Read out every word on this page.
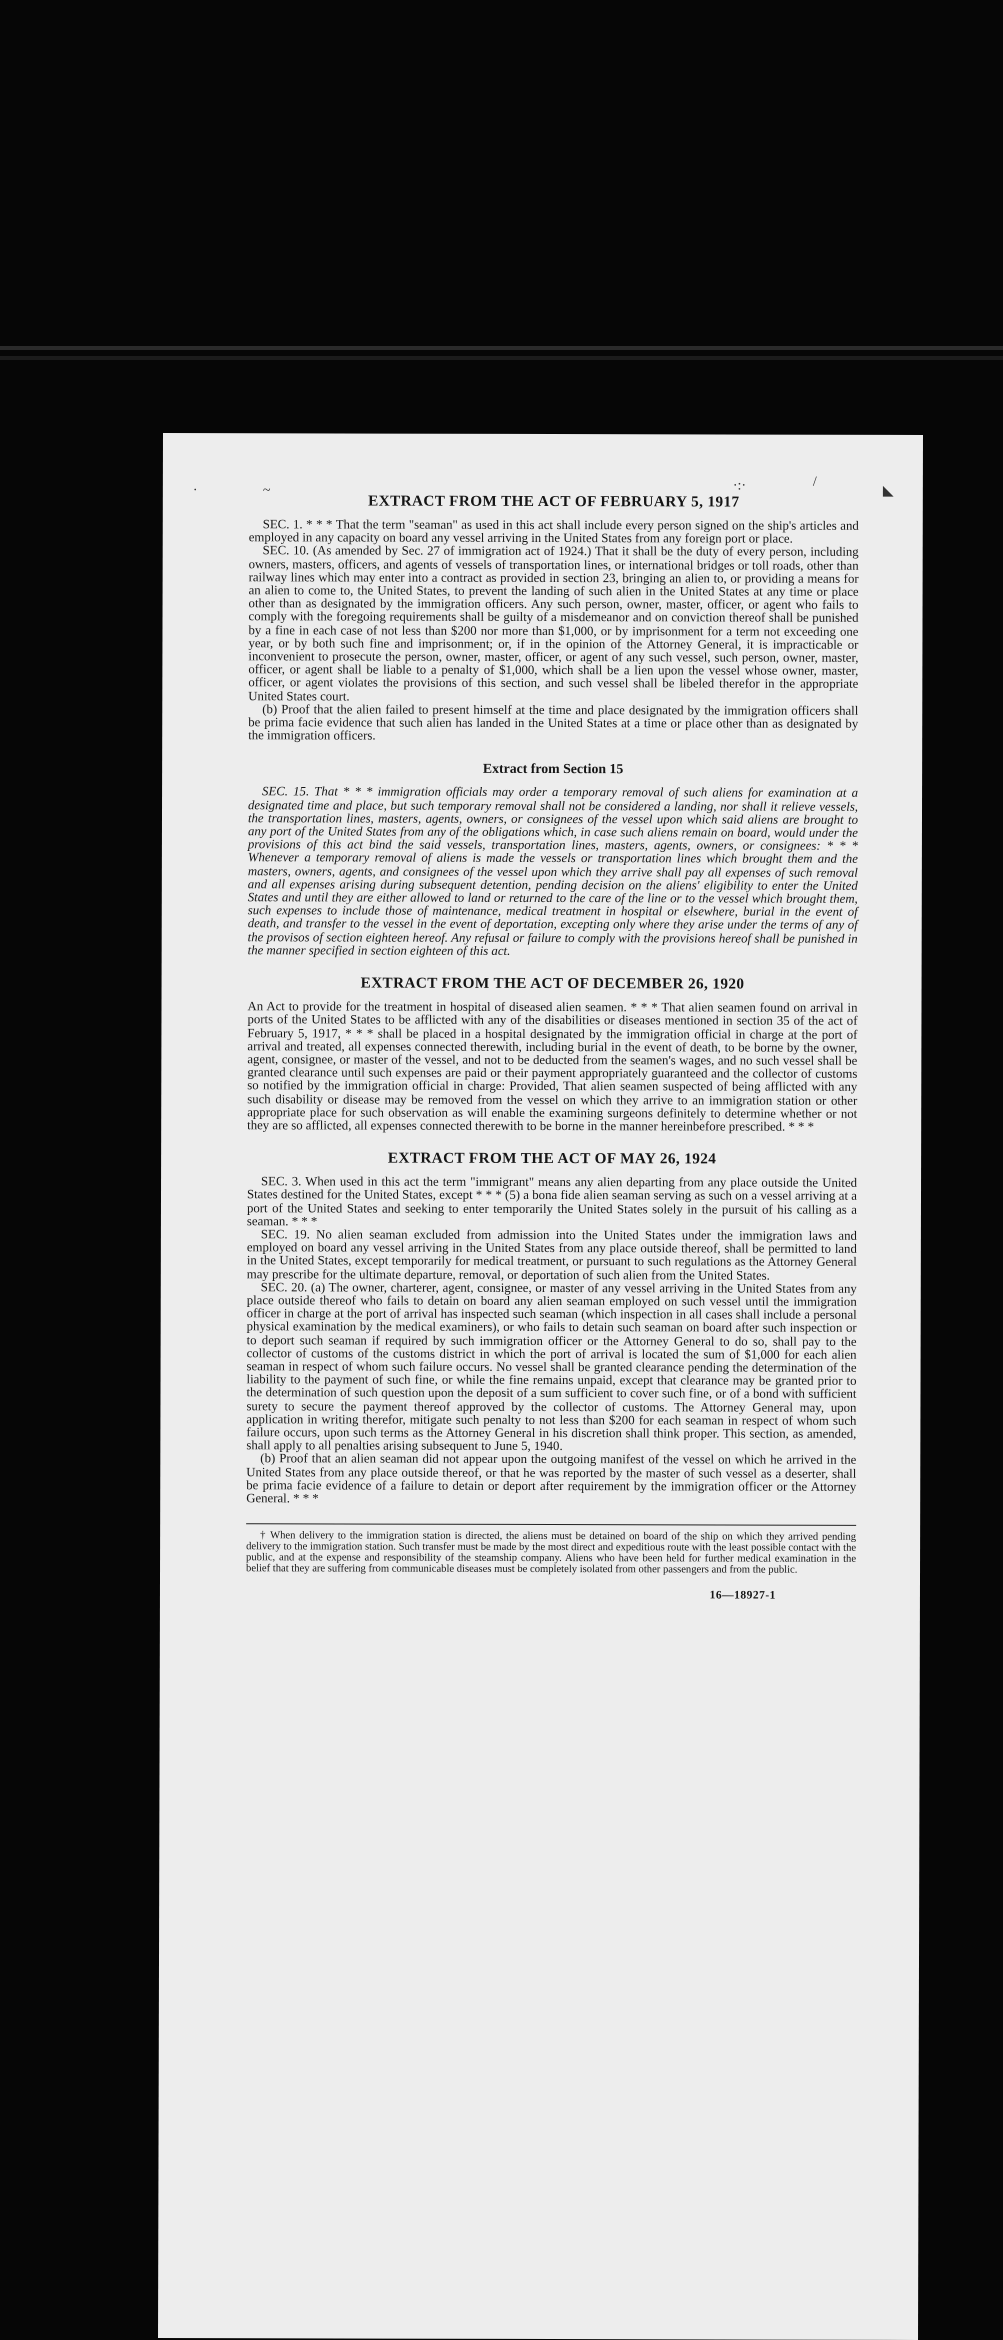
·	~	·:·	/
◣
EXTRACT FROM THE ACT OF FEBRUARY 5, 1917

SEC. 1. * * * That the term "seaman" as used in this act shall include every person signed on the ship's articles and employed in any capacity on board any vessel arriving in the United States from any foreign port or place.

SEC. 10. (As amended by Sec. 27 of immigration act of 1924.) That it shall be the duty of every person, including owners, masters, officers, and agents of vessels of transportation lines, or international bridges or toll roads, other than railway lines which may enter into a contract as provided in section 23, bringing an alien to, or providing a means for an alien to come to, the United States, to prevent the landing of such alien in the United States at any time or place other than as designated by the immigration officers. Any such person, owner, master, officer, or agent who fails to comply with the foregoing requirements shall be guilty of a misdemeanor and on conviction thereof shall be punished by a fine in each case of not less than $200 nor more than $1,000, or by imprisonment for a term not exceeding one year, or by both such fine and imprisonment; or, if in the opinion of the Attorney General, it is impracticable or inconvenient to prosecute the person, owner, master, officer, or agent of any such vessel, such person, owner, master, officer, or agent shall be liable to a penalty of $1,000, which shall be a lien upon the vessel whose owner, master, officer, or agent violates the provisions of this section, and such vessel shall be libeled therefor in the appropriate United States court.

(b) Proof that the alien failed to present himself at the time and place designated by the immigration officers shall be prima facie evidence that such alien has landed in the United States at a time or place other than as designated by the immigration officers.

Extract from Section 15

SEC. 15. That * * * immigration officials may order a temporary removal of such aliens for examination at a designated time and place, but such temporary removal shall not be considered a landing, nor shall it relieve vessels, the transportation lines, masters, agents, owners, or consignees of the vessel upon which said aliens are brought to any port of the United States from any of the obligations which, in case such aliens remain on board, would under the provisions of this act bind the said vessels, transportation lines, masters, agents, owners, or consignees: * * * Whenever a temporary removal of aliens is made the vessels or transportation lines which brought them and the masters, owners, agents, and consignees of the vessel upon which they arrive shall pay all expenses of such removal and all expenses arising during subsequent detention, pending decision on the aliens' eligibility to enter the United States and until they are either allowed to land or returned to the care of the line or to the vessel which brought them, such expenses to include those of maintenance, medical treatment in hospital or elsewhere, burial in the event of death, and transfer to the vessel in the event of deportation, excepting only where they arise under the terms of any of the provisos of section eighteen hereof. Any refusal or failure to comply with the provisions hereof shall be punished in the manner specified in section eighteen of this act.

EXTRACT FROM THE ACT OF DECEMBER 26, 1920

An Act to provide for the treatment in hospital of diseased alien seamen. * * * That alien seamen found on arrival in ports of the United States to be afflicted with any of the disabilities or diseases mentioned in section 35 of the act of February 5, 1917, * * * shall be placed in a hospital designated by the immigration official in charge at the port of arrival and treated, all expenses connected therewith, including burial in the event of death, to be borne by the owner, agent, consignee, or master of the vessel, and not to be deducted from the seamen's wages, and no such vessel shall be granted clearance until such expenses are paid or their payment appropriately guaranteed and the collector of customs so notified by the immigration official in charge: Provided, That alien seamen suspected of being afflicted with any such disability or disease may be removed from the vessel on which they arrive to an immigration station or other appropriate place for such observation as will enable the examining surgeons definitely to determine whether or not they are so afflicted, all expenses connected therewith to be borne in the manner hereinbefore prescribed. * * *

EXTRACT FROM THE ACT OF MAY 26, 1924

SEC. 3. When used in this act the term "immigrant" means any alien departing from any place outside the United States destined for the United States, except * * * (5) a bona fide alien seaman serving as such on a vessel arriving at a port of the United States and seeking to enter temporarily the United States solely in the pursuit of his calling as a seaman. * * *

SEC. 19. No alien seaman excluded from admission into the United States under the immigration laws and employed on board any vessel arriving in the United States from any place outside thereof, shall be permitted to land in the United States, except temporarily for medical treatment, or pursuant to such regulations as the Attorney General may prescribe for the ultimate departure, removal, or deportation of such alien from the United States.

SEC. 20. (a) The owner, charterer, agent, consignee, or master of any vessel arriving in the United States from any place outside thereof who fails to detain on board any alien seaman employed on such vessel until the immigration officer in charge at the port of arrival has inspected such seaman (which inspection in all cases shall include a personal physical examination by the medical examiners), or who fails to detain such seaman on board after such inspection or to deport such seaman if required by such immigration officer or the Attorney General to do so, shall pay to the collector of customs of the customs district in which the port of arrival is located the sum of $1,000 for each alien seaman in respect of whom such failure occurs. No vessel shall be granted clearance pending the determination of the liability to the payment of such fine, or while the fine remains unpaid, except that clearance may be granted prior to the determination of such question upon the deposit of a sum sufficient to cover such fine, or of a bond with sufficient surety to secure the payment thereof approved by the collector of customs. The Attorney General may, upon application in writing therefor, mitigate such penalty to not less than $200 for each seaman in respect of whom such failure occurs, upon such terms as the Attorney General in his discretion shall think proper. This section, as amended, shall apply to all penalties arising subsequent to June 5, 1940.

(b) Proof that an alien seaman did not appear upon the outgoing manifest of the vessel on which he arrived in the United States from any place outside thereof, or that he was reported by the master of such vessel as a deserter, shall be prima facie evidence of a failure to detain or deport after requirement by the immigration officer or the Attorney General. * * *

† When delivery to the immigration station is directed, the aliens must be detained on board of the ship on which they arrived pending delivery to the immigration station. Such transfer must be made by the most direct and expeditious route with the least possible contact with the public, and at the expense and responsibility of the steamship company. Aliens who have been held for further medical examination in the belief that they are suffering from communicable diseases must be completely isolated from other passengers and from the public.

16—18927-1
